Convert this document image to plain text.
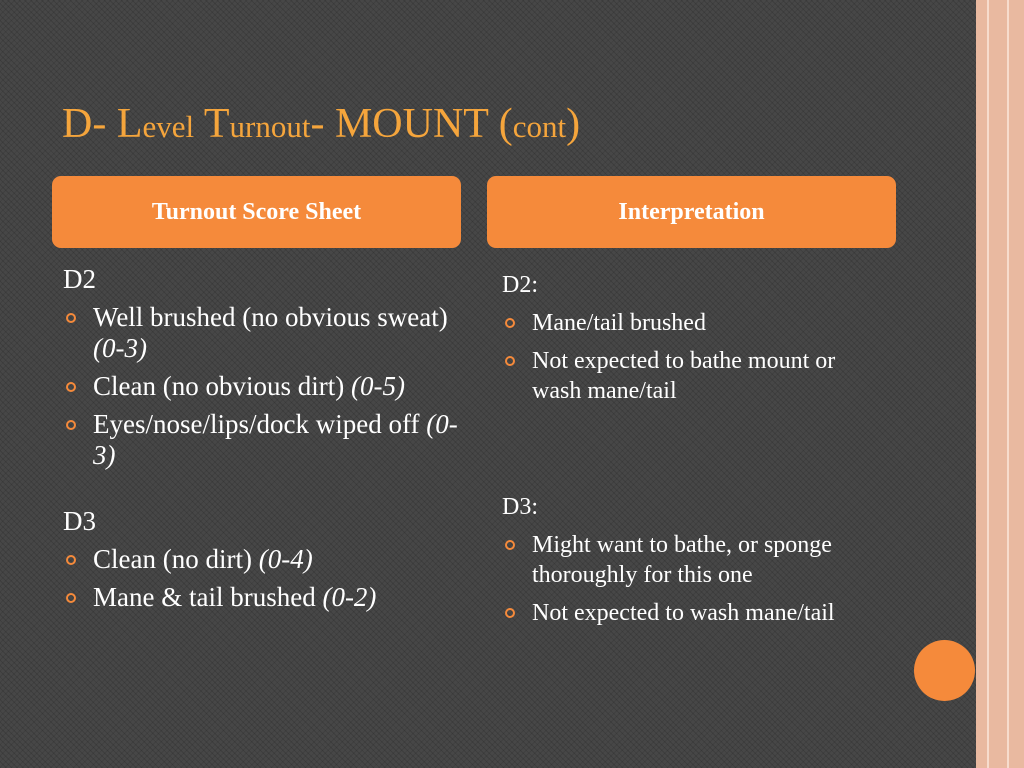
D- Level Turnout- MOUNT (cont)
Turnout Score Sheet	Interpretation

D2

Well brushed (no obvious sweat) (0-3)
Clean (no obvious dirt) (0-5)
Eyes/nose/lips/dock wiped off (0-3)

D3

Clean (no dirt) (0-4)
Mane & tail brushed (0-2)

D2:

Mane/tail brushed
Not expected to bathe mount or wash mane/tail

D3:

Might want to bathe, or sponge thoroughly for this one
Not expected to wash mane/tail
